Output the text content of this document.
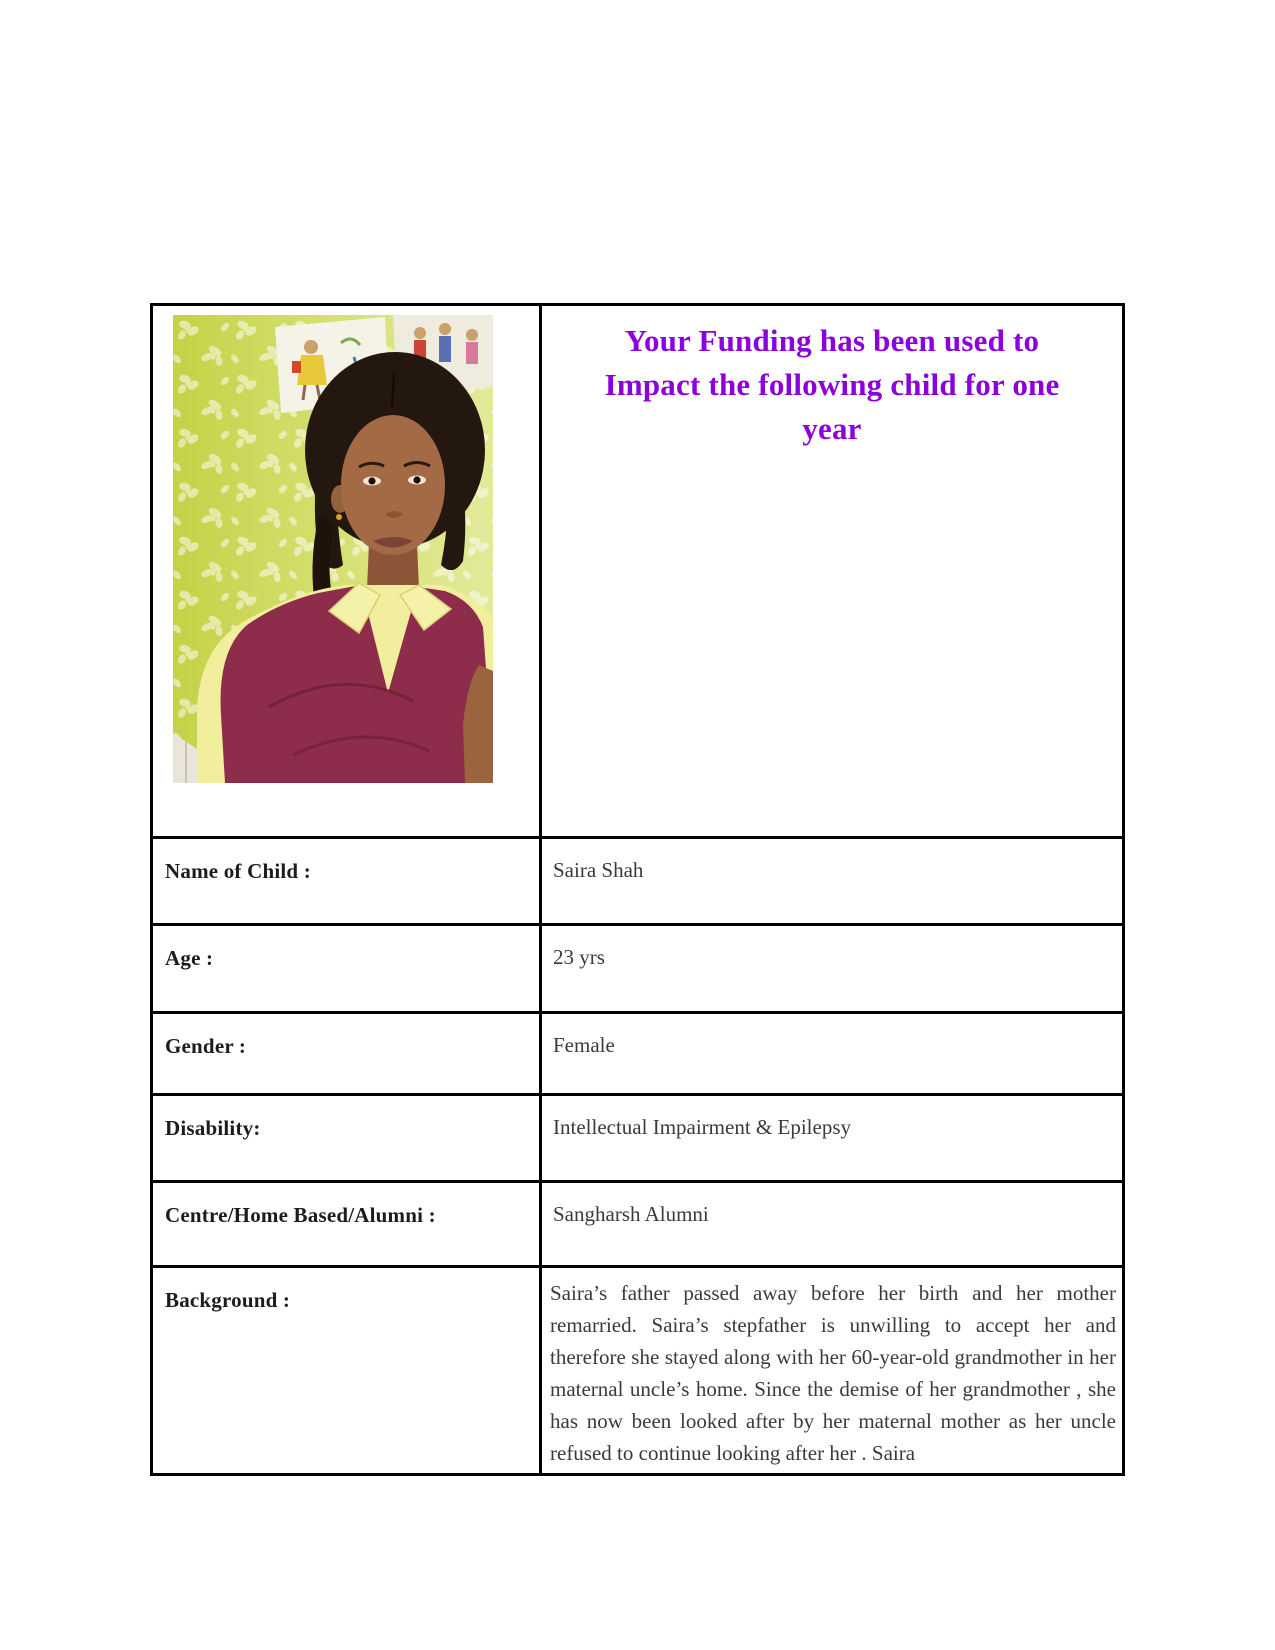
Your Funding has been used to
Impact the following child for one
year
Name of Child :	Saira Shah
Age :	23 yrs
Gender :	Female
Disability:	Intellectual Impairment & Epilepsy
Centre/Home Based/Alumni :	Sangharsh Alumni
Background :	Saira’s father passed away before her birth and her mother remarried. Saira’s stepfather is unwilling to accept her and therefore she stayed along with her 60-year-old grandmother in her maternal uncle’s home. Since the demise of her grandmother , she has now been looked after by her maternal mother as her uncle refused to continue looking after her . Saira
